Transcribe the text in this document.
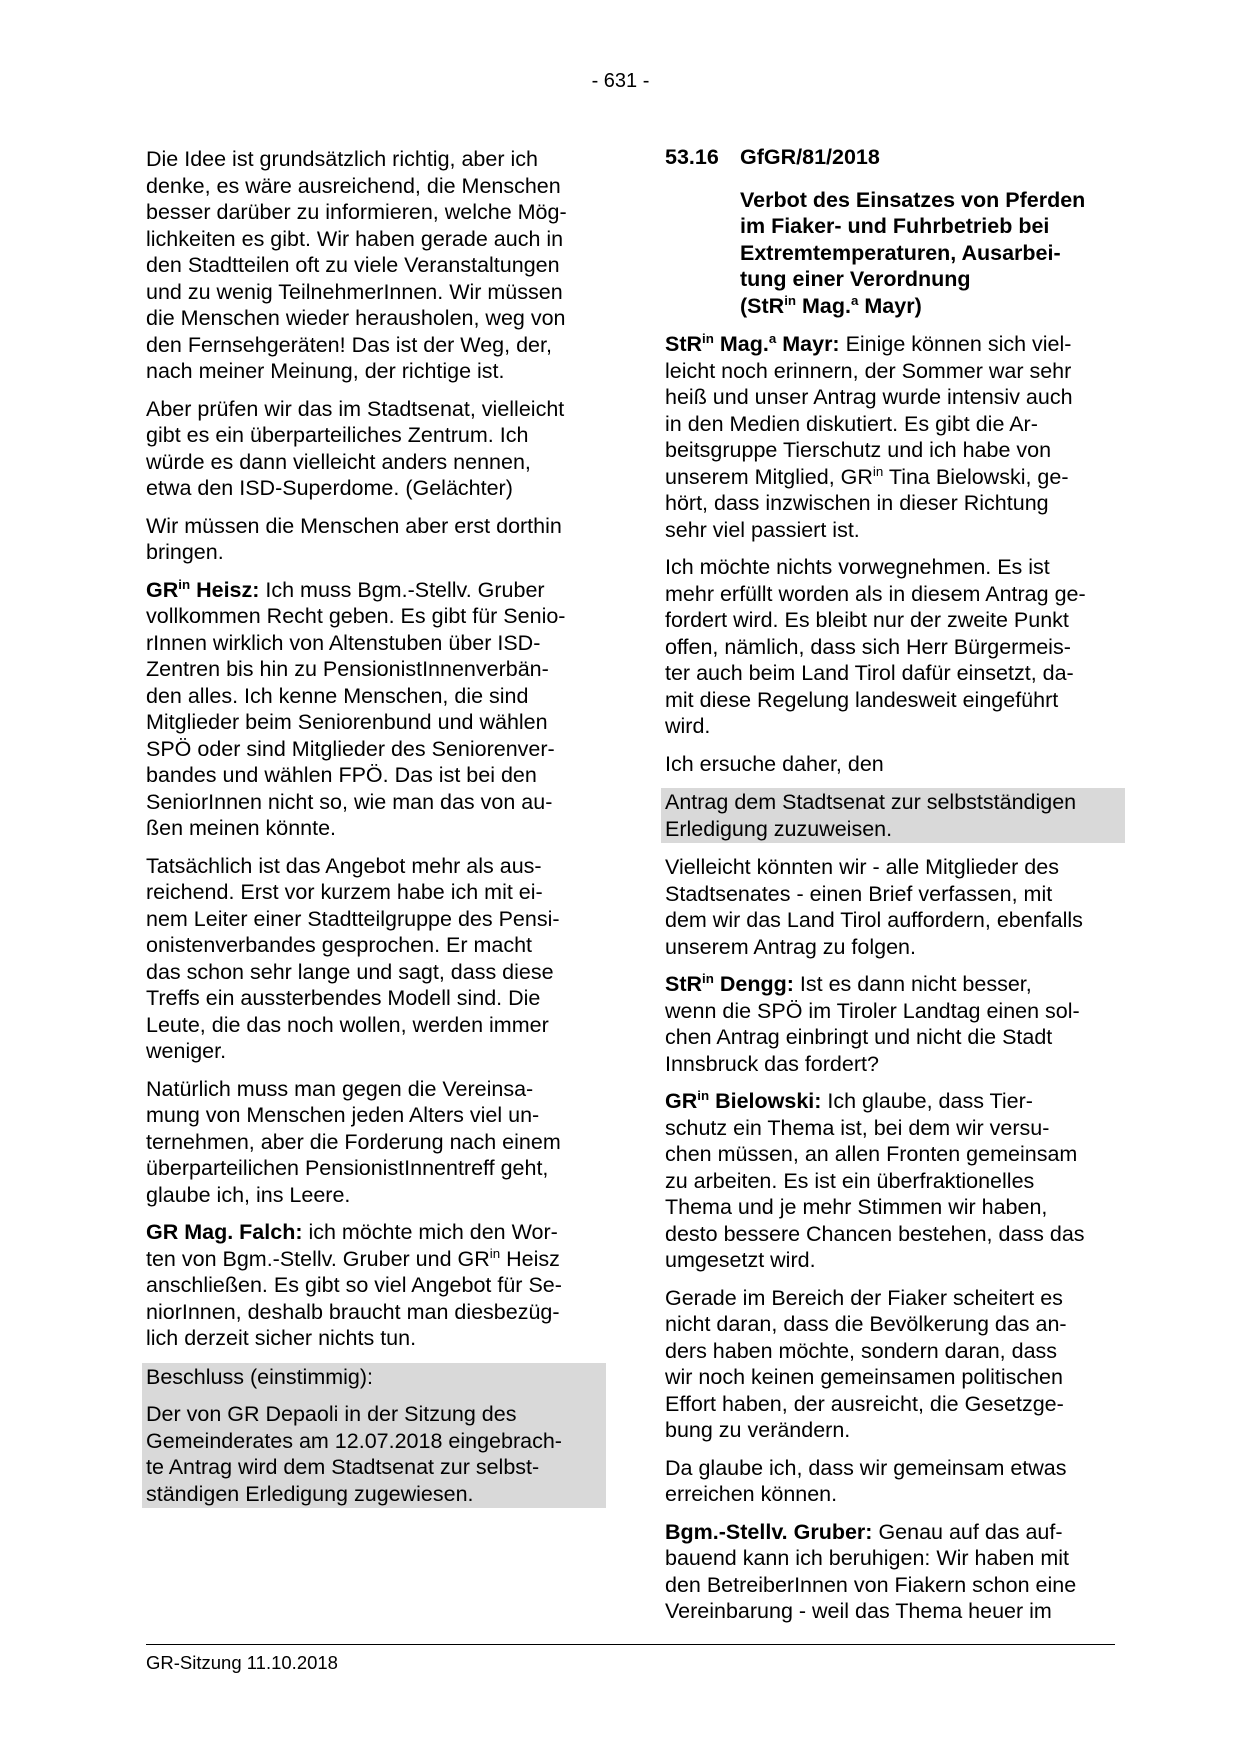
- 631 -
Die Idee ist grundsätzlich richtig, aber ich
denke, es wäre ausreichend, die Menschen
besser darüber zu informieren, welche Mög-
lichkeiten es gibt. Wir haben gerade auch in
den Stadtteilen oft zu viele Veranstaltungen
und zu wenig TeilnehmerInnen. Wir müssen
die Menschen wieder herausholen, weg von
den Fernsehgeräten! Das ist der Weg, der,
nach meiner Meinung, der richtige ist.
Aber prüfen wir das im Stadtsenat, vielleicht
gibt es ein überparteiliches Zentrum. Ich
würde es dann vielleicht anders nennen,
etwa den ISD-Superdome. (Gelächter)
Wir müssen die Menschen aber erst dorthin
bringen.
$GR^{in}$ Heisz: Ich muss Bgm.-Stellv. Gruber
vollkommen Recht geben. Es gibt für Senio-
rInnen wirklich von Altenstuben über ISD-
Zentren bis hin zu PensionistInnenverbän-
den alles. Ich kenne Menschen, die sind
Mitglieder beim Seniorenbund und wählen
SPÖ oder sind Mitglieder des Seniorenver-
bandes und wählen FPÖ. Das ist bei den
SeniorInnen nicht so, wie man das von au-
ßen meinen könnte.
Tatsächlich ist das Angebot mehr als aus-
reichend. Erst vor kurzem habe ich mit ei-
nem Leiter einer Stadtteilgruppe des Pensi-
onistenverbandes gesprochen. Er macht
das schon sehr lange und sagt, dass diese
Treffs ein aussterbendes Modell sind. Die
Leute, die das noch wollen, werden immer
weniger.
Natürlich muss man gegen die Vereinsa-
mung von Menschen jeden Alters viel un-
ternehmen, aber die Forderung nach einem
überparteilichen PensionistInnentreff geht,
glaube ich, ins Leere.
GR Mag. Falch: ich möchte mich den Wor-
ten von Bgm.-Stellv. Gruber und $GR^{in}$ Heisz
anschließen. Es gibt so viel Angebot für Se-
niorInnen, deshalb braucht man diesbezüg-
lich derzeit sicher nichts tun.
Beschluss (einstimmig):
Der von GR Depaoli in der Sitzung des
Gemeinderates am 12.07.2018 eingebrach-
te Antrag wird dem Stadtsenat zur selbst-
ständigen Erledigung zugewiesen.
53.16 GfGR/81/2018
Verbot des Einsatzes von Pferden
im Fiaker- und Fuhrbetrieb bei
Extremtemperaturen, Ausarbei-
tung einer Verordnung
(StR$^{in}$ Mag.$^a$ Mayr)
StR$^{in}$ Mag.$^a$ Mayr: Einige können sich viel-
leicht noch erinnern, der Sommer war sehr
heiß und unser Antrag wurde intensiv auch
in den Medien diskutiert. Es gibt die Ar-
beitsgruppe Tierschutz und ich habe von
unserem Mitglied, $GR^{in}$ Tina Bielowski, ge-
hört, dass inzwischen in dieser Richtung
sehr viel passiert ist.
Ich möchte nichts vorwegnehmen. Es ist
mehr erfüllt worden als in diesem Antrag ge-
fordert wird. Es bleibt nur der zweite Punkt
offen, nämlich, dass sich Herr Bürgermeis-
ter auch beim Land Tirol dafür einsetzt, da-
mit diese Regelung landesweit eingeführt
wird.
Ich ersuche daher, den
Antrag dem Stadtsenat zur selbstständigen
Erledigung zuzuweisen.
Vielleicht könnten wir - alle Mitglieder des
Stadtsenates - einen Brief verfassen, mit
dem wir das Land Tirol auffordern, ebenfalls
unserem Antrag zu folgen.
StR$^{in}$ Dengg: Ist es dann nicht besser,
wenn die SPÖ im Tiroler Landtag einen sol-
chen Antrag einbringt und nicht die Stadt
Innsbruck das fordert?
$GR^{in}$ Bielowski: Ich glaube, dass Tier-
schutz ein Thema ist, bei dem wir versu-
chen müssen, an allen Fronten gemeinsam
zu arbeiten. Es ist ein überfraktionelles
Thema und je mehr Stimmen wir haben,
desto bessere Chancen bestehen, dass das
umgesetzt wird.
Gerade im Bereich der Fiaker scheitert es
nicht daran, dass die Bevölkerung das an-
ders haben möchte, sondern daran, dass
wir noch keinen gemeinsamen politischen
Effort haben, der ausreicht, die Gesetzge-
bung zu verändern.
Da glaube ich, dass wir gemeinsam etwas
erreichen können.
Bgm.-Stellv. Gruber: Genau auf das auf-
bauend kann ich beruhigen: Wir haben mit
den BetreiberInnen von Fiakern schon eine
Vereinbarung - weil das Thema heuer im
GR-Sitzung 11.10.2018
